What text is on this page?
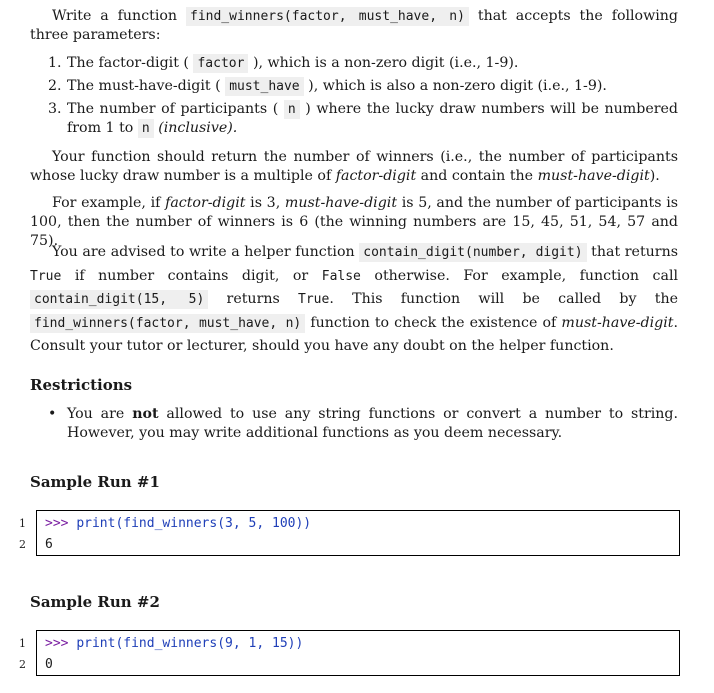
Write a function find_winners(factor, must_have, n) that accepts the following three parameters:

1. The factor-digit ( factor ), which is a non-zero digit (i.e., 1-9).
2. The must-have-digit ( must_have ), which is also a non-zero digit (i.e., 1-9).
3. The number of participants ( n ) where the lucky draw numbers will be numbered from 1 to n (inclusive).

Your function should return the number of winners (i.e., the number of participants whose lucky draw number is a multiple of factor-digit and contain the must-have-digit).

For example, if factor-digit is 3, must-have-digit is 5, and the number of participants is 100, then the number of winners is 6 (the winning numbers are 15, 45, 51, 54, 57 and 75).

You are advised to write a helper function contain_digit(number, digit) that returns True if number contains digit, or False otherwise. For example, function call contain_digit(15, 5) returns True. This function will be called by the find_winners(factor, must_have, n) function to check the existence of must-have-digit. Consult your tutor or lecturer, should you have any doubt on the helper function.

Restrictions
• You are not allowed to use any string functions or convert a number to string. However, you may write additional functions as you deem necessary.
Sample Run #1
1 >>> print(find_winners(3, 5, 100))
2 6
Sample Run #2
1 >>> print(find_winners(9, 1, 15))
2 0
